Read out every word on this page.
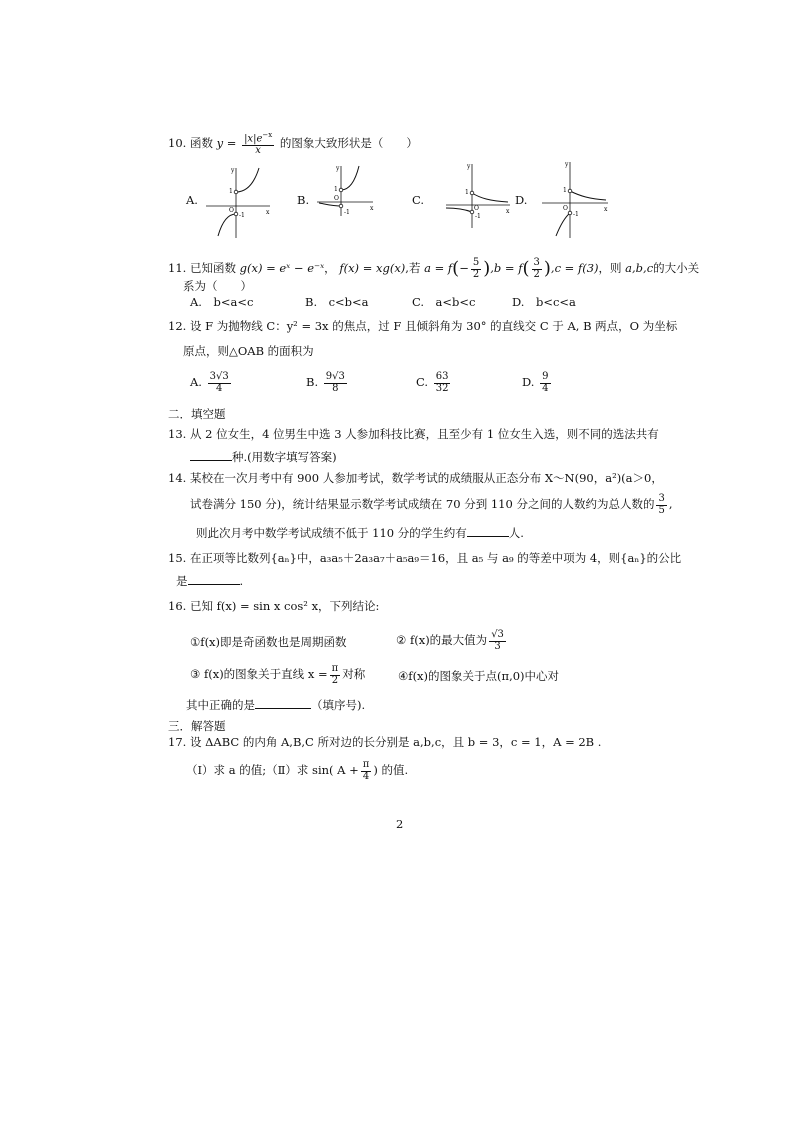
10. 函数 $y = \frac{|x|e^{-x}}{x}$ 的图象大致形状是（　　）
A.	B.	C.	D.
y
x
1
O
-1
y
x
1
O
-1
y
x
1
O
-1
y
x
1
O
-1
11. 已知函数 g(x) = eˣ − e⁻ˣ， f(x) = xg(x),若 $a = f(- \frac{5}{2} ),b = f( \frac{3}{2} ),c = f(3)$，则 a,b,c的大小关
系为（　　）
A.　b<a<c	B.　c<b<a	C.　a<b<c	D.　b<c<a
12. 设 F 为抛物线 C：y² = 3x 的焦点，过 F 且倾斜角为 30° 的直线交 C 于 A, B 两点，O 为坐标
原点，则△OAB 的面积为
A. $\frac{3√3}{4}$	B. $\frac{9√3}{8}$	C. $\frac{63}{32}$	D. $\frac{9}{4}$
二．填空题
13. 从 2 位女生，4 位男生中选 3 人参加科技比赛，且至少有 1 位女生入选，则不同的选法共有
种.(用数字填写答案)
14. 某校在一次月考中有 900 人参加考试，数学考试的成绩服从正态分布 X～N(90，a²)(a＞0，
试卷满分 150 分)，统计结果显示数学考试成绩在 70 分到 110 分之间的人数约为总人数的 $\frac{3}{5}$ ,
则此次月考中数学考试成绩不低于 110 分的学生约有	人.
15. 在正项等比数列{aₙ}中，a₃a₅＋2a₃a₇＋a₅a₉＝16，且 a₅ 与 a₉ 的等差中项为 4，则{aₙ}的公比
是	.
16. 已知 f(x) = sin x cos² x，下列结论:
①f(x)即是奇函数也是周期函数	② f(x)的最大值为 $\frac{√3}{3}$
③ f(x)的图象关于直线 $x = \frac{\pi}{2}$ 对称	④f(x)的图象关于点(π,0)中心对
其中正确的是	（填序号).
三．解答题
17. 设 ΔABC 的内角 A,B,C 所对边的长分别是 a,b,c，且 b = 3，c = 1，A = 2B .
（Ⅰ）求 a 的值;（Ⅱ）求 sin( $A + \frac{\pi}{4}$ ) 的值.
2
